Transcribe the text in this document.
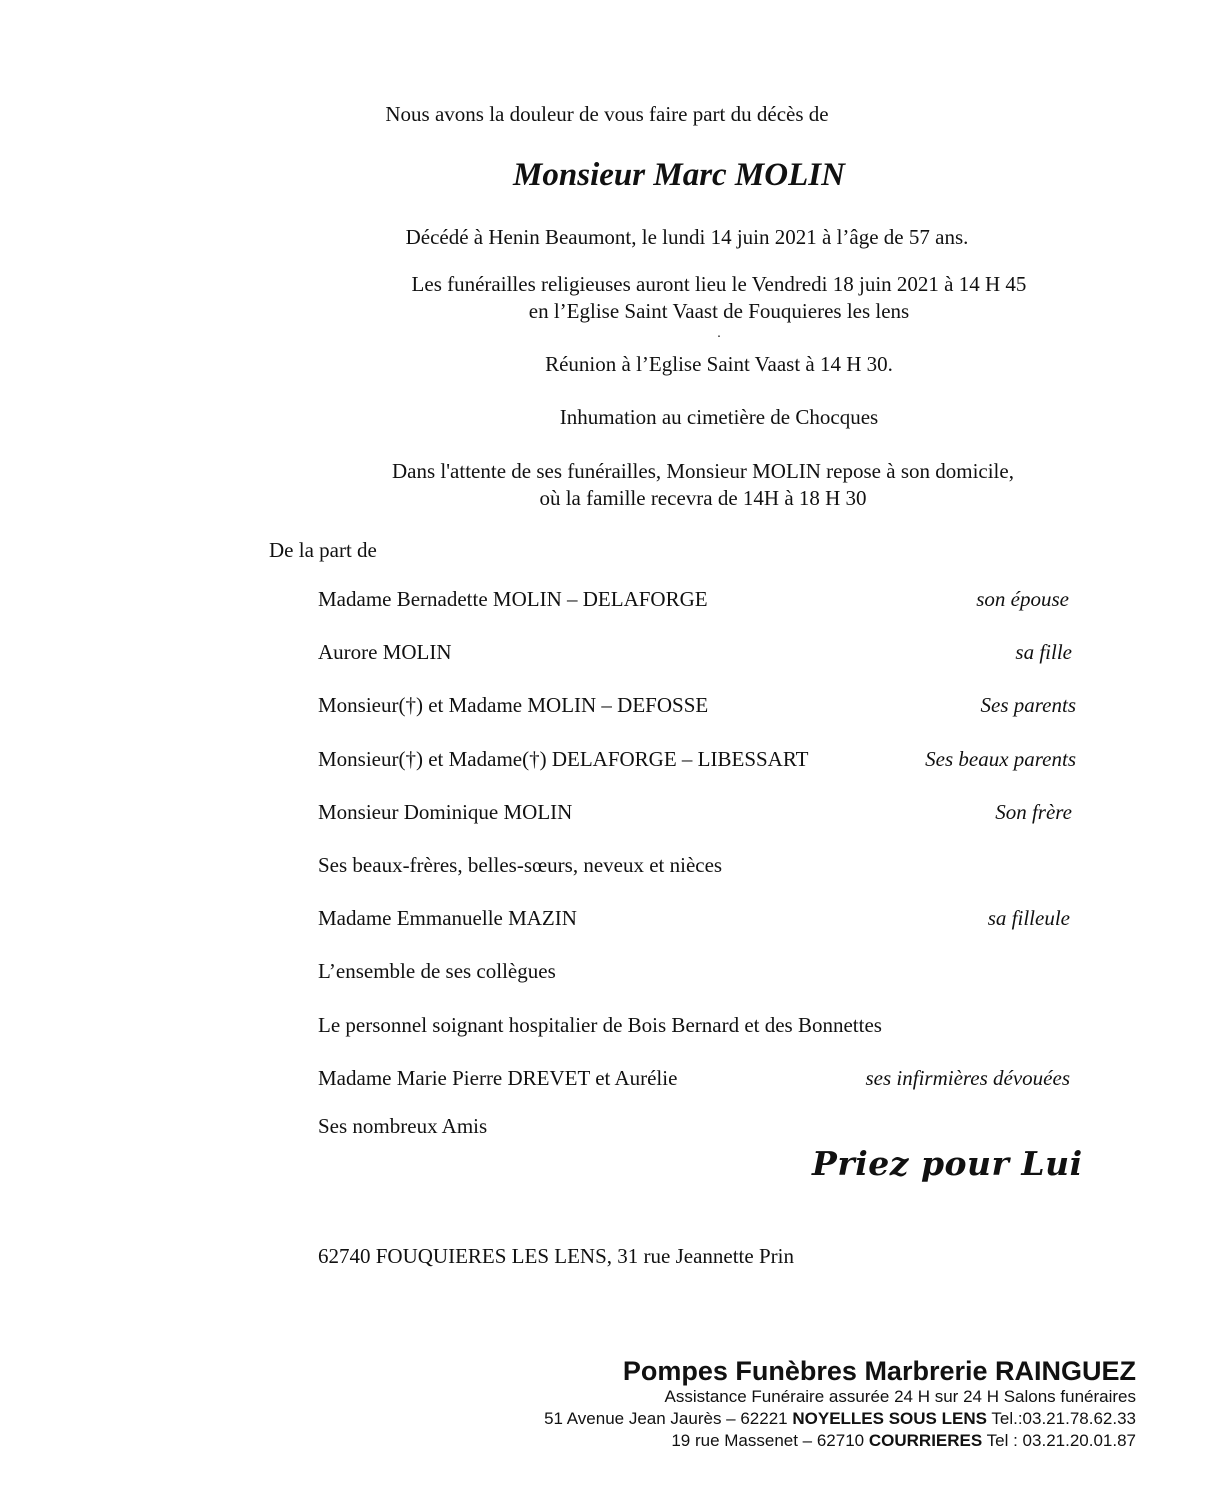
Nous avons la douleur de vous faire part du décès de
Monsieur Marc MOLIN
Décédé à Henin Beaumont, le lundi 14 juin 2021 à l’âge de 57 ans.
Les funérailles religieuses auront lieu le Vendredi 18 juin 2021 à 14 H 45
en l’Eglise Saint Vaast de Fouquieres les lens
.
Réunion à l’Eglise Saint Vaast à 14 H 30.
Inhumation au cimetière de Chocques
Dans l'attente de ses funérailles, Monsieur MOLIN repose à son domicile,
où la famille recevra de 14H à 18 H 30
De la part de
Madame Bernadette MOLIN – DELAFORGE	son épouse
Aurore MOLIN	sa fille
Monsieur(†) et Madame MOLIN – DEFOSSE	Ses parents
Monsieur(†) et Madame(†) DELAFORGE – LIBESSART	Ses beaux parents
Monsieur Dominique MOLIN	Son frère
Ses beaux-frères, belles-sœurs, neveux et nièces
Madame Emmanuelle MAZIN	sa filleule
L’ensemble de ses collègues
Le personnel soignant hospitalier de Bois Bernard et des Bonnettes
Madame Marie Pierre DREVET et Aurélie	ses infirmières dévouées
Ses nombreux Amis
Priez pour Lui
62740 FOUQUIERES LES LENS, 31 rue Jeannette Prin
Pompes Funèbres Marbrerie RAINGUEZ
Assistance Funéraire assurée 24 H sur 24 H Salons funéraires
51 Avenue Jean Jaurès – 62221 NOYELLES SOUS LENS Tel.:03.21.78.62.33
19 rue Massenet – 62710 COURRIERES Tel : 03.21.20.01.87
